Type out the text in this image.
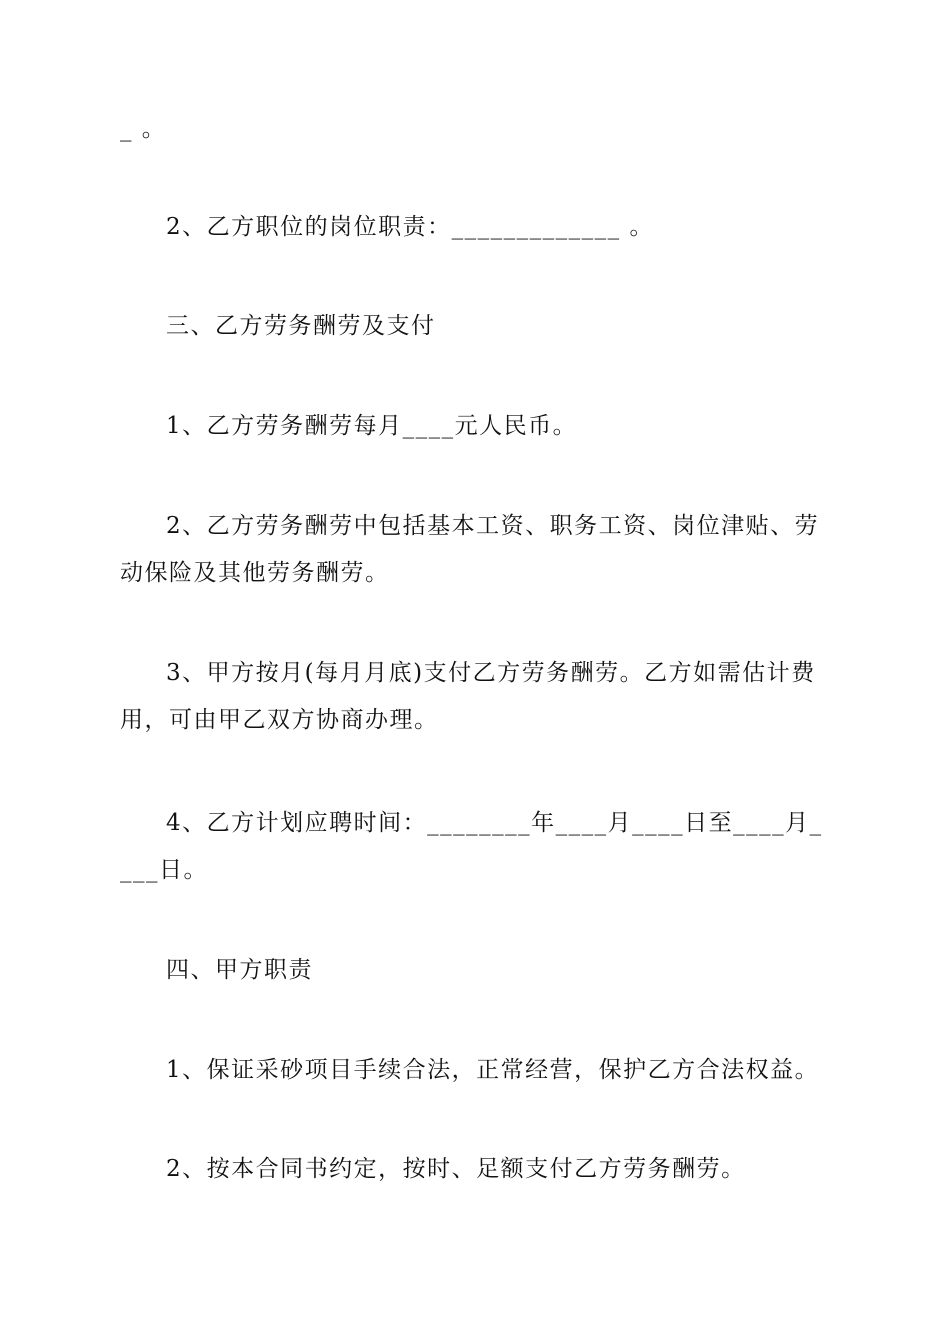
_ 。

2、乙方职位的岗位职责：_____________ 。

三、乙方劳务酬劳及支付

1、乙方劳务酬劳每月____元人民币。

2、乙方劳务酬劳中包括基本工资、职务工资、岗位津贴、劳动保险及其他劳务酬劳。

3、甲方按月(每月月底)支付乙方劳务酬劳。乙方如需估计费用，可由甲乙双方协商办理。

4、乙方计划应聘时间：________年____月____日至____月____日。

四、甲方职责

1、保证采砂项目手续合法，正常经营，保护乙方合法权益。

2、按本合同书约定，按时、足额支付乙方劳务酬劳。
